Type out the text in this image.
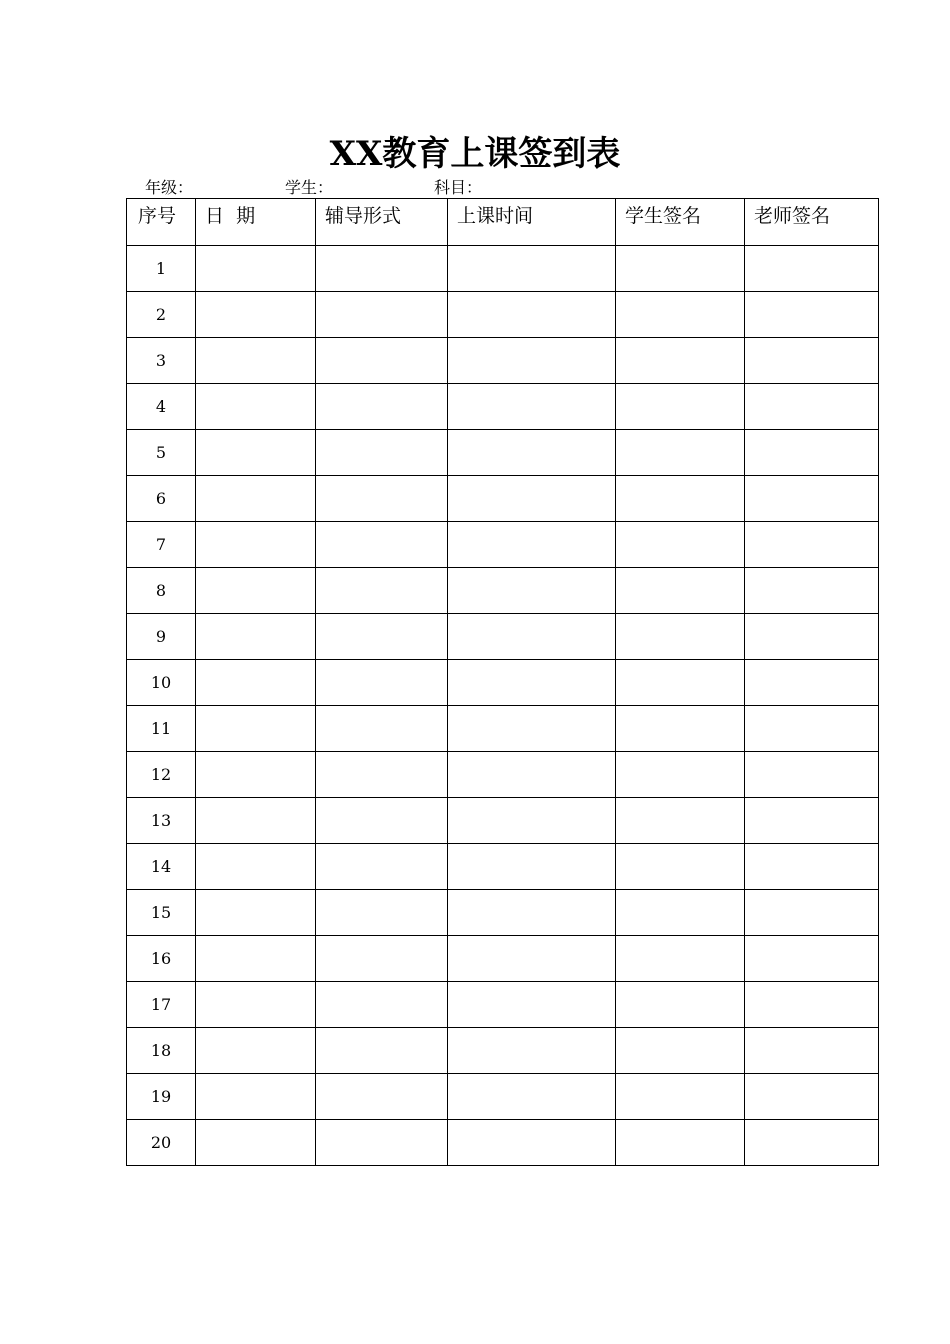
XX教育上课签到表
年级：	学生：	科目：
序号	日  期	辅导形式	上课时间	学生签名	老师签名
1					
2					
3					
4					
5					
6					
7					
8					
9					
10					
11					
12					
13					
14					
15					
16					
17					
18					
19					
20					
